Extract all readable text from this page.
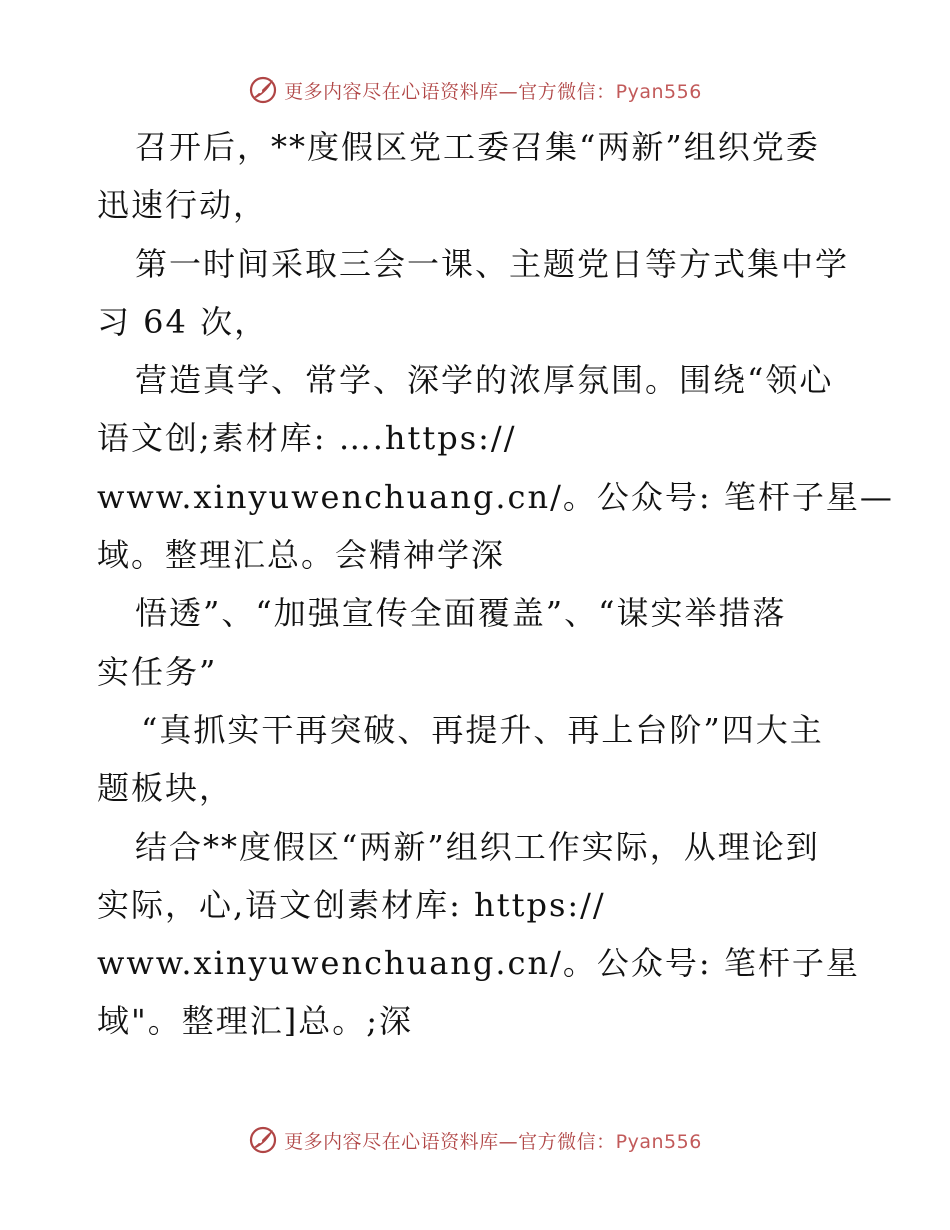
更多内容尽在心语资料库—官方微信：Pyan556
召开后，**度假区党工委召集“两新”组织党委
迅速行动，
第一时间采取三会一课、主题党日等方式集中学
习 64 次，
营造真学、常学、深学的浓厚氛围。围绕“领心
语文创;素材库: ….https://
www.xinyuwenchuang.cn/。公众号: 笔杆子星—
域。整理汇总。会精神学深
悟透”、“加强宣传全面覆盖”、“谋实举措落
实任务”
“真抓实干再突破、再提升、再上台阶”四大主
题板块，
结合**度假区“两新”组织工作实际，从理论到
实际，心,语文创素材库: https://
www.xinyuwenchuang.cn/。公众号: 笔杆子星
域"。整理汇]总。;深
更多内容尽在心语资料库—官方微信：Pyan556
